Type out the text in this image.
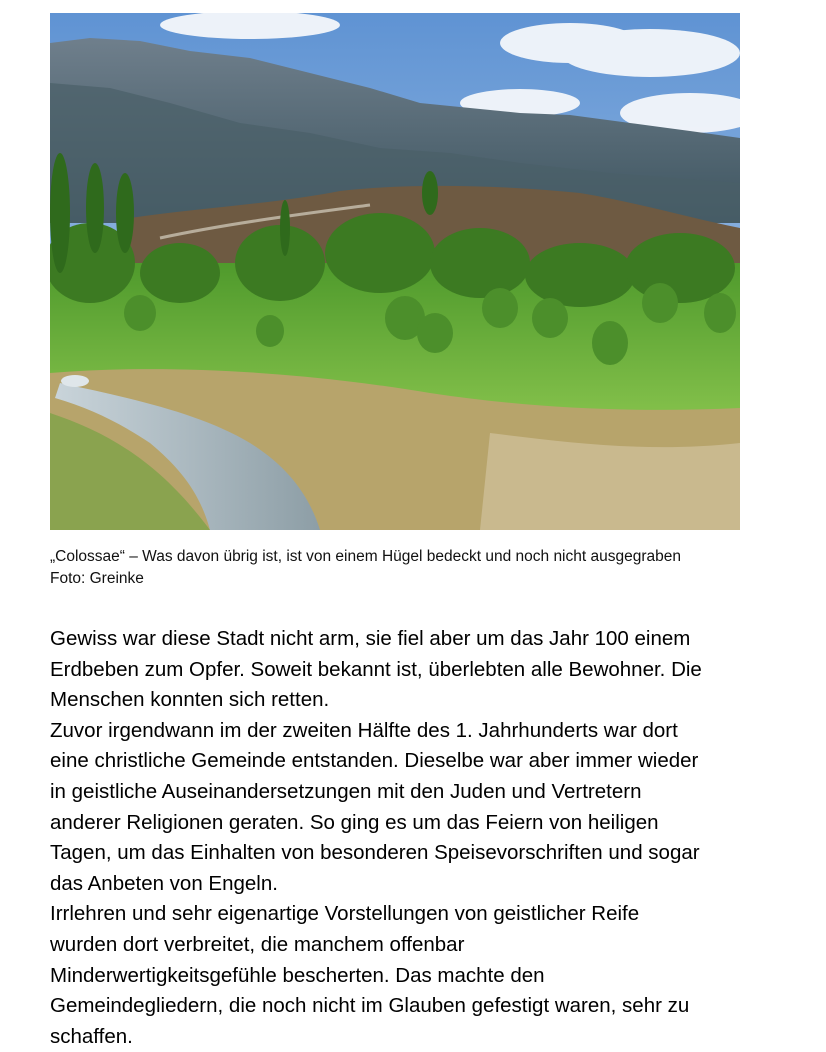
„Colossae“ – Was davon übrig ist, ist von einem Hügel bedeckt und noch nicht ausgegraben
Foto: Greinke

Gewiss war diese Stadt nicht arm, sie fiel aber um das Jahr 100 einem
Erdbeben zum Opfer. Soweit bekannt ist, überlebten alle Bewohner. Die
Menschen konnten sich retten.

Zuvor irgendwann im der zweiten Hälfte des 1. Jahrhunderts war dort
eine christliche Gemeinde entstanden. Dieselbe war aber immer wieder
in geistliche Auseinandersetzungen mit den Juden und Vertretern
anderer Religionen geraten. So ging es um das Feiern von heiligen
Tagen, um das Einhalten von besonderen Speisevorschriften und sogar
das Anbeten von Engeln.

Irrlehren und sehr eigenartige Vorstellungen von geistlicher Reife
wurden dort verbreitet, die manchem offenbar
Minderwertigkeitsgefühle bescherten. Das machte den
Gemeindegliedern, die noch nicht im Glauben gefestigt waren, sehr zu
schaffen.
